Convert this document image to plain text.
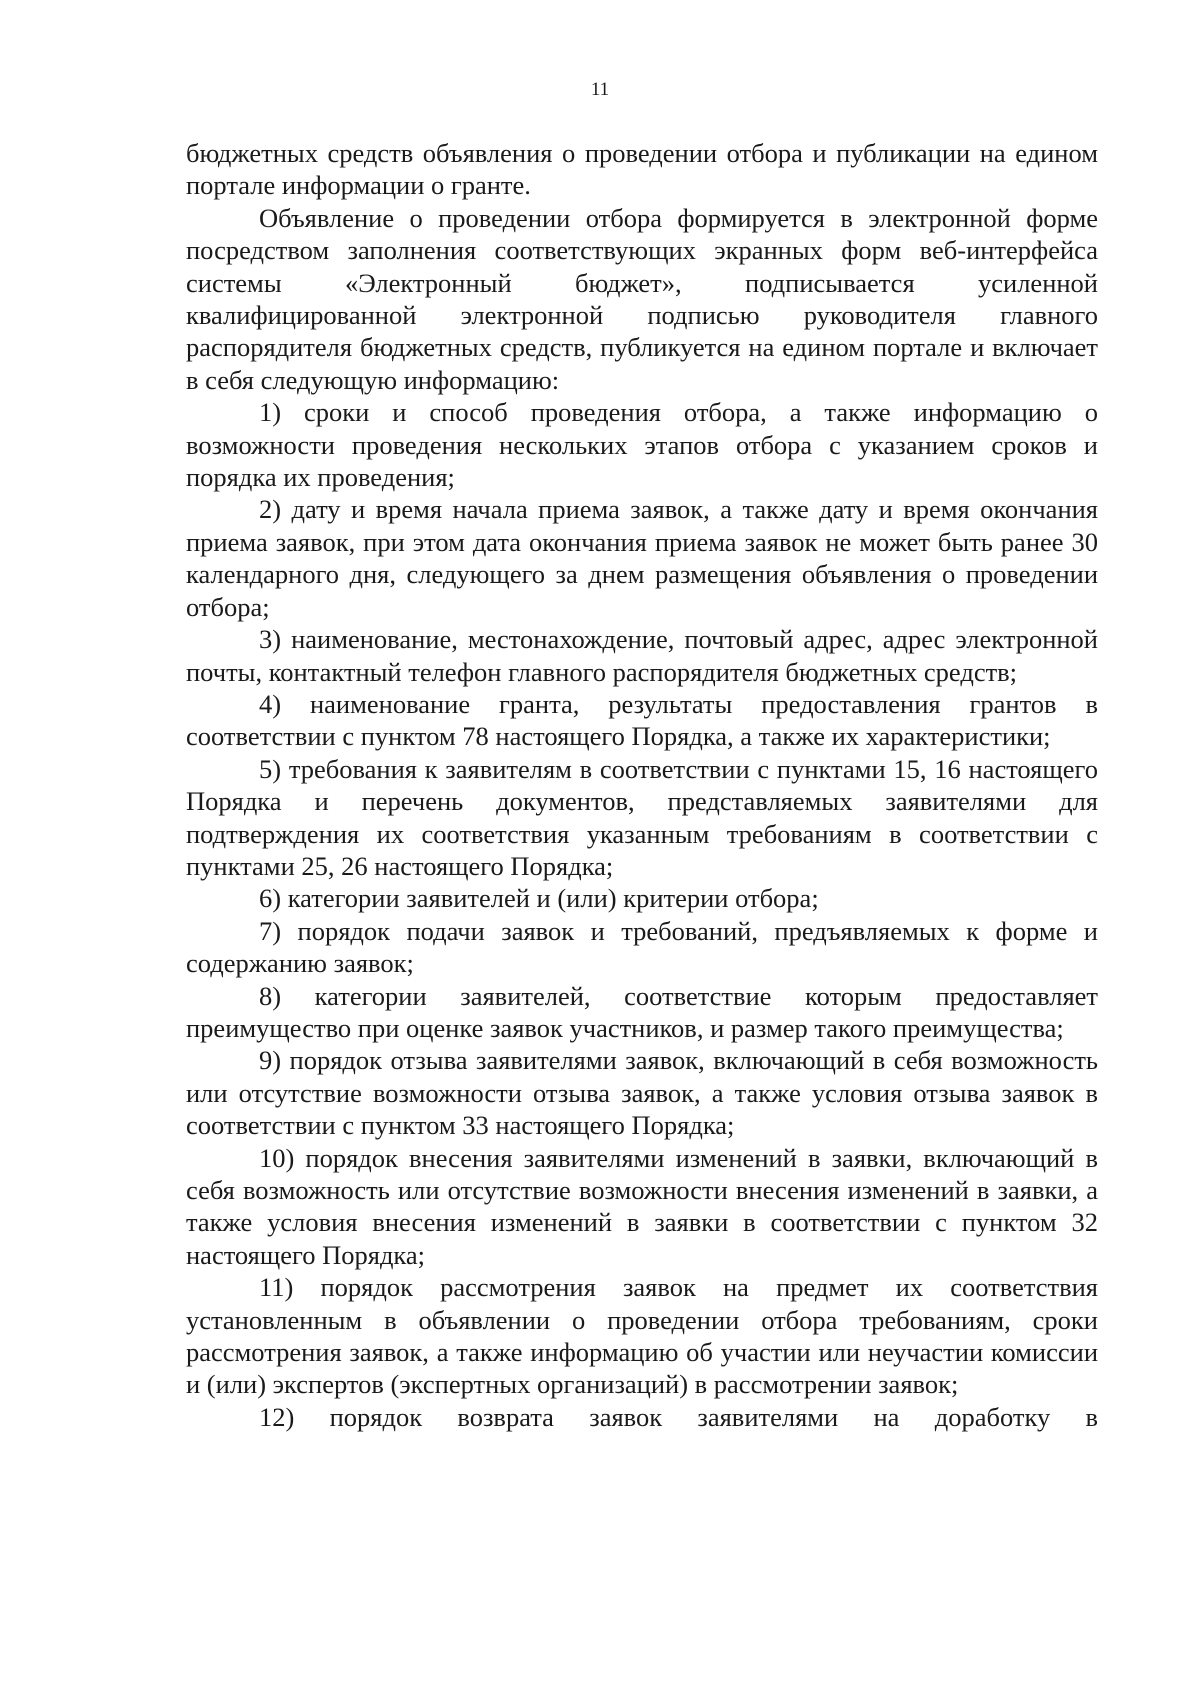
11

бюджетных средств объявления о проведении отбора и публикации на едином портале информации о гранте.

Объявление о проведении отбора формируется в электронной форме посредством заполнения соответствующих экранных форм веб-интерфейса системы «Электронный бюджет», подписывается усиленной квалифицированной электронной подписью руководителя главного распорядителя бюджетных средств, публикуется на едином портале и включает в себя следующую информацию:

1) сроки и способ проведения отбора, а также информацию о возможности проведения нескольких этапов отбора с указанием сроков и порядка их проведения;

2) дату и время начала приема заявок, а также дату и время окончания приема заявок, при этом дата окончания приема заявок не может быть ранее 30 календарного дня, следующего за днем размещения объявления о проведении отбора;

3) наименование, местонахождение, почтовый адрес, адрес электронной почты, контактный телефон главного распорядителя бюджетных средств;

4) наименование гранта, результаты предоставления грантов в соответствии с пунктом 78 настоящего Порядка, а также их характеристики;

5) требования к заявителям в соответствии с пунктами 15, 16 настоящего Порядка и перечень документов, представляемых заявителями для подтверждения их соответствия указанным требованиям в соответствии с пунктами 25, 26 настоящего Порядка;

6) категории заявителей и (или) критерии отбора;

7) порядок подачи заявок и требований, предъявляемых к форме и содержанию заявок;

8) категории заявителей, соответствие которым предоставляет преимущество при оценке заявок участников, и размер такого преимущества;

9) порядок отзыва заявителями заявок, включающий в себя возможность или отсутствие возможности отзыва заявок, а также условия отзыва заявок в соответствии с пунктом 33 настоящего Порядка;

10) порядок внесения заявителями изменений в заявки, включающий в себя возможность или отсутствие возможности внесения изменений в заявки, а также условия внесения изменений в заявки в соответствии с пунктом 32 настоящего Порядка;

11) порядок рассмотрения заявок на предмет их соответствия установленным в объявлении о проведении отбора требованиям, сроки рассмотрения заявок, а также информацию об участии или неучастии комиссии и (или) экспертов (экспертных организаций) в рассмотрении заявок;

12) порядок возврата заявок заявителями на доработку в
